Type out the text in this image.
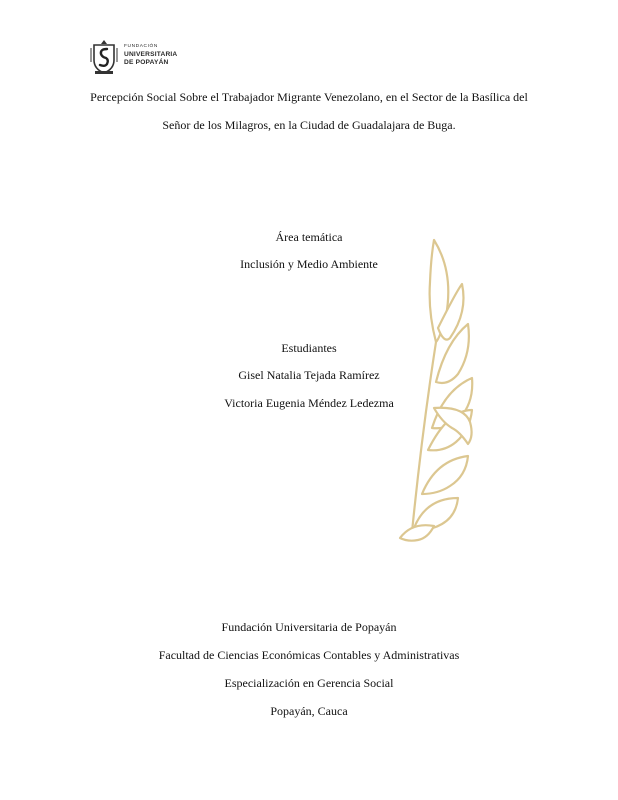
FUNDACIÓN
UNIVERSITARIA
DE POPAYÁN
Percepción Social Sobre el Trabajador Migrante Venezolano, en el Sector de la Basílica del
Señor de los Milagros, en la Ciudad de Guadalajara de Buga.
Área temática
Inclusión y Medio Ambiente
Estudiantes
Gisel Natalia Tejada Ramírez
Victoria Eugenia Méndez Ledezma
Fundación Universitaria de Popayán
Facultad de Ciencias Económicas Contables y Administrativas
Especialización en Gerencia Social
Popayán, Cauca
